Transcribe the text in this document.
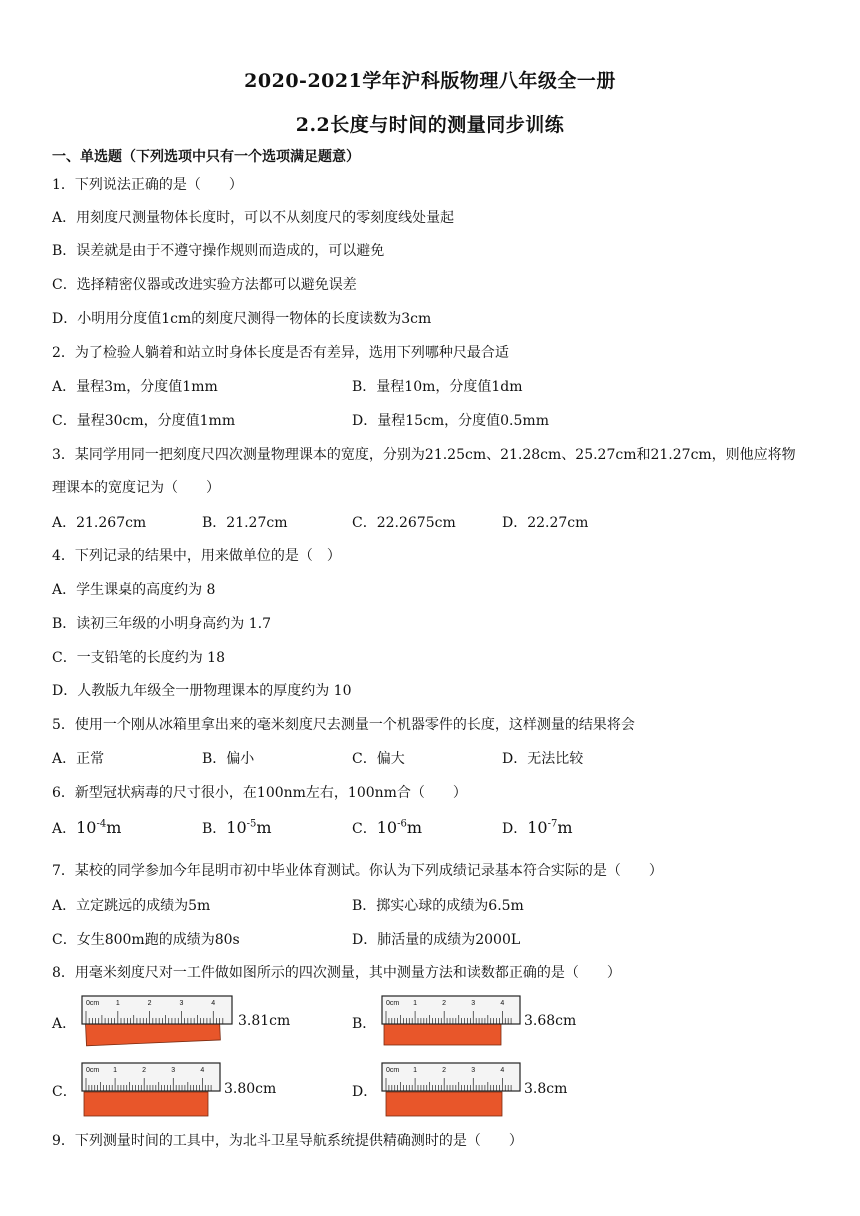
2020-2021学年沪科版物理八年级全一册
2.2长度与时间的测量同步训练
一、单选题（下列选项中只有一个选项满足题意）
1．下列说法正确的是（　　）
A．用刻度尺测量物体长度时，可以不从刻度尺的零刻度线处量起
B．误差就是由于不遵守操作规则而造成的，可以避免
C．选择精密仪器或改进实验方法都可以避免误差
D．小明用分度值1cm的刻度尺测得一物体的长度读数为3cm
2．为了检验人躺着和站立时身体长度是否有差异，选用下列哪种尺最合适
A．量程3m，分度值1mm	B．量程10m，分度值1dm
C．量程30cm，分度值1mm	D．量程15cm，分度值0.5mm
3．某同学用同一把刻度尺四次测量物理课本的宽度，分别为21.25cm、21.28cm、25.27cm和21.27cm，则他应将物
理课本的宽度记为（　　）
A．21.267cm	B．21.27cm	C．22.2675cm	D．22.27cm
4．下列记录的结果中，用来做单位的是（　）
A．学生课桌的高度约为 8
B．读初三年级的小明身高约为 1.7
C．一支铅笔的长度约为 18
D．人教版九年级全一册物理课本的厚度约为 10
5．使用一个刚从冰箱里拿出来的毫米刻度尺去测量一个机器零件的长度，这样测量的结果将会
A．正常	B．偏小	C．偏大	D．无法比较
6．新型冠状病毒的尺寸很小，在100nm左右，100nm合（　　）
A．$10^{-4}m$	B．$10^{-5}m$	C．$10^{-6}m$	D．$10^{-7}m$
7．某校的同学参加今年昆明市初中毕业体育测试。你认为下列成绩记录基本符合实际的是（　　）
A．立定跳远的成绩为5m	B．掷实心球的成绩为6.5m
C．女生800m跑的成绩为80s	D．肺活量的成绩为2000L
8．用毫米刻度尺对一工件做如图所示的四次测量，其中测量方法和读数都正确的是（　　）
A．
0cm 1	2	3	4
3.81cm	B．
0cm 1	2	3	4
3.68cm
C．
0cm 1	2	3	4
3.80cm	D．
0cm 1	2	3	4
3.8cm
9．下列测量时间的工具中，为北斗卫星导航系统提供精确测时的是（　　）
